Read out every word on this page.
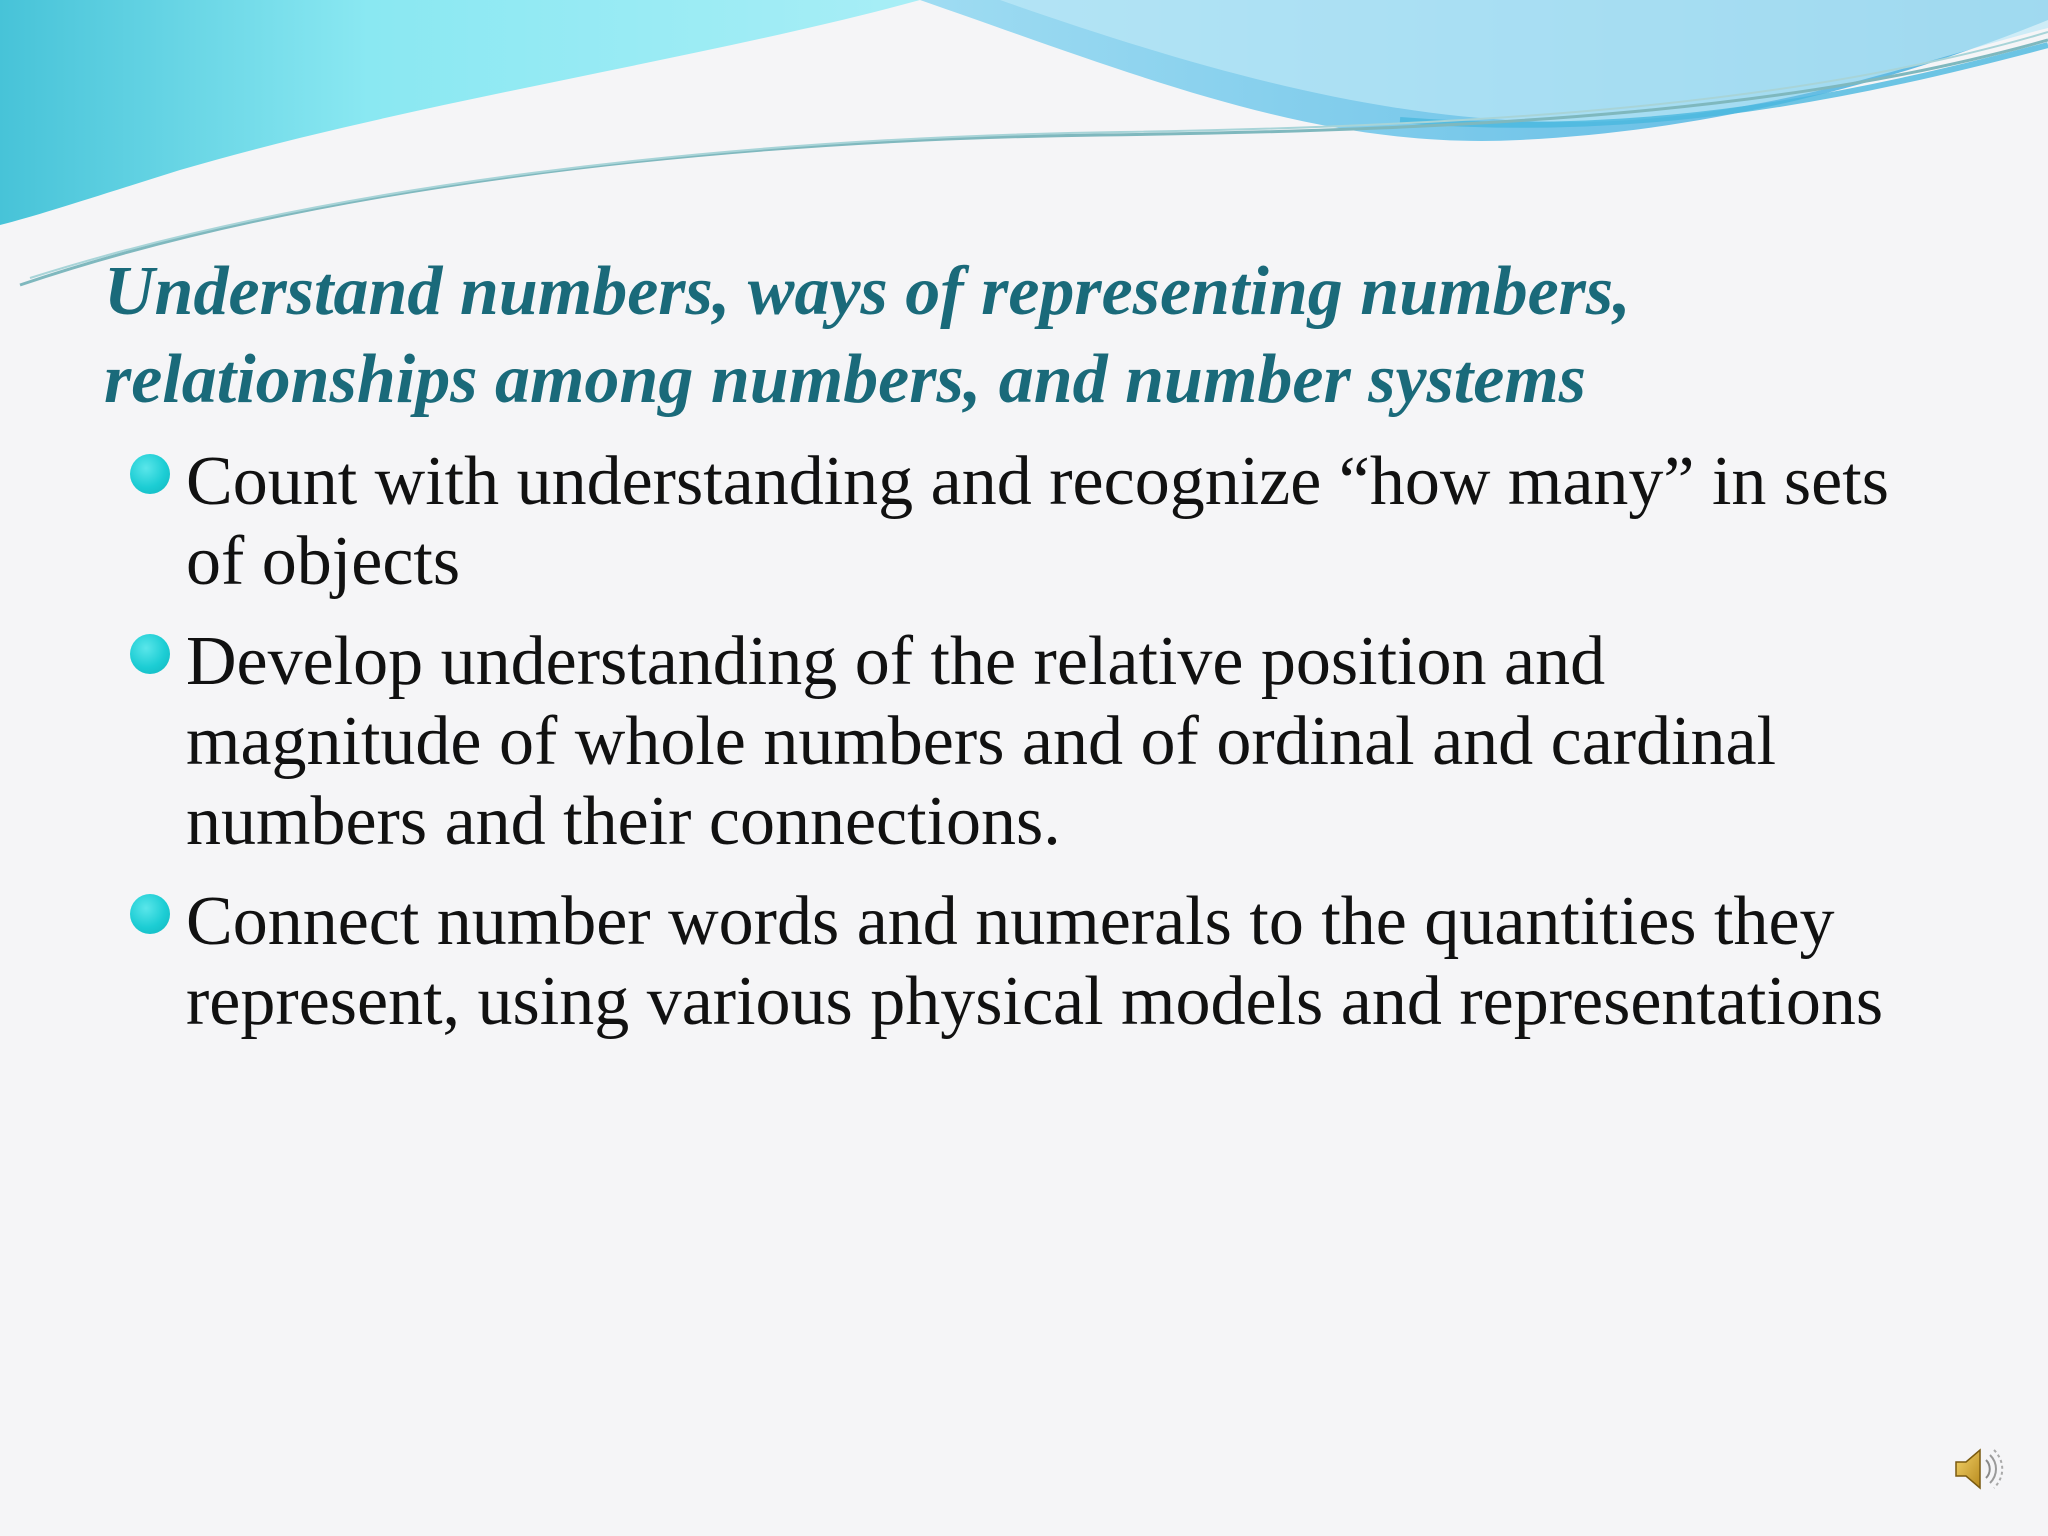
Understand numbers, ways of representing numbers, relationships among numbers, and number systems
Count with understanding and recognize “how many” in sets of objects
Develop understanding of the relative position and magnitude of whole numbers and of ordinal and cardinal numbers and their connections.
Connect number words and numerals to the quantities they represent, using various physical models and representations
